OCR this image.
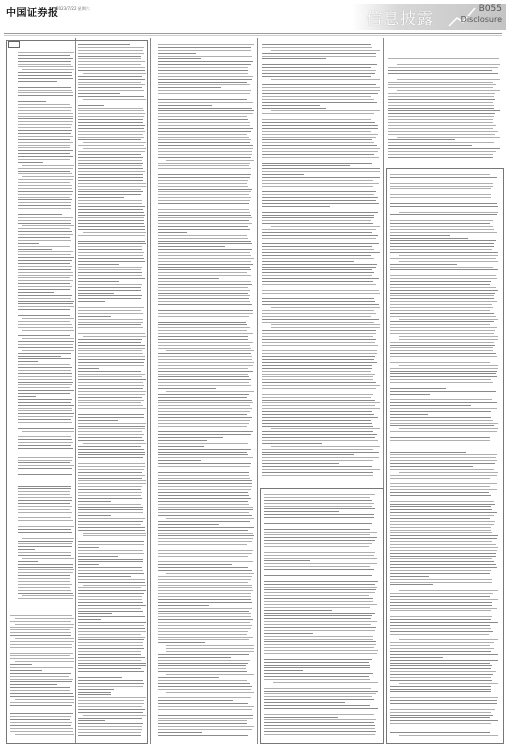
中国证券报
2023/7/22 星期六
信息披露	B055
Disclosure
